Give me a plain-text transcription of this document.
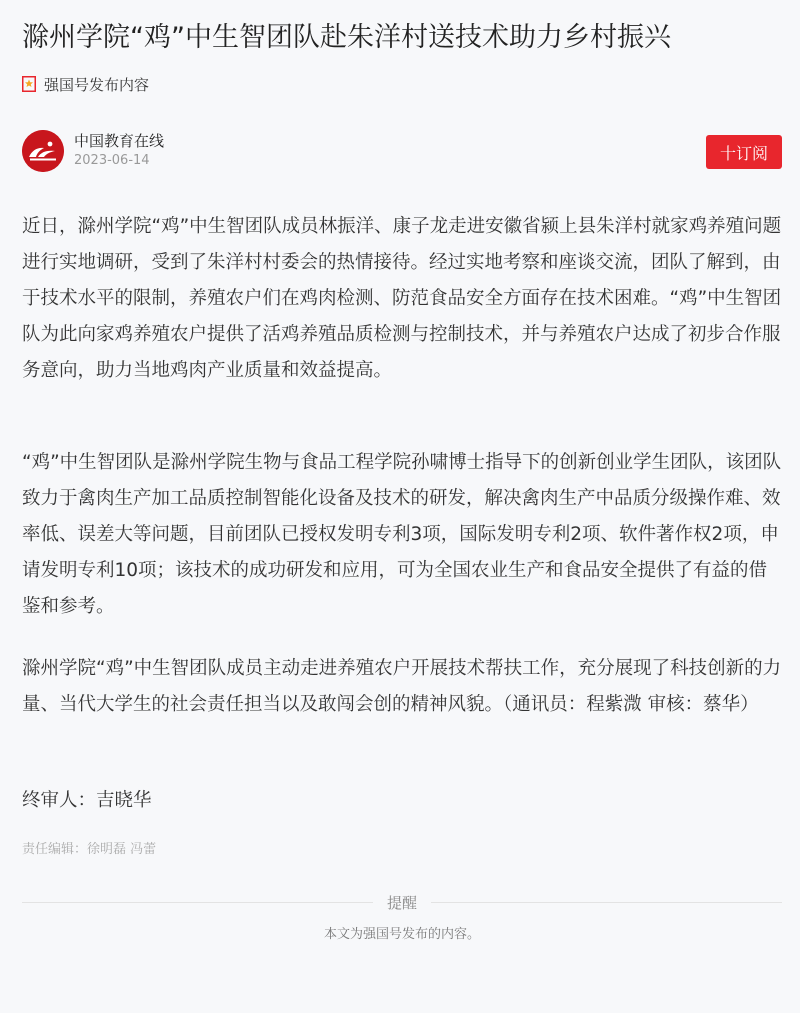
滁州学院“鸡”中生智团队赴朱洋村送技术助力乡村振兴
强国号发布内容
中国教育在线
2023-06-14	十订阅

近日，滁州学院“鸡”中生智团队成员林振洋、康子龙走进安徽省颍上县朱洋村就家鸡养殖问题进行实地调研，受到了朱洋村村委会的热情接待。经过实地考察和座谈交流，团队了解到，由于技术水平的限制，养殖农户们在鸡肉检测、防范食品安全方面存在技术困难。“鸡”中生智团队为此向家鸡养殖农户提供了活鸡养殖品质检测与控制技术，并与养殖农户达成了初步合作服务意向，助力当地鸡肉产业质量和效益提高。

“鸡”中生智团队是滁州学院生物与食品工程学院孙啸博士指导下的创新创业学生团队，该团队致力于禽肉生产加工品质控制智能化设备及技术的研发，解决禽肉生产中品质分级操作难、效率低、误差大等问题，目前团队已授权发明专利3项，国际发明专利2项、软件著作权2项，申请发明专利10项；该技术的成功研发和应用，可为全国农业生产和食品安全提供了有益的借鉴和参考。

滁州学院“鸡”中生智团队成员主动走进养殖农户开展技术帮扶工作，充分展现了科技创新的力量、当代大学生的社会责任担当以及敢闯会创的精神风貌。（通讯员：程紫溦 审核：蔡华）

终审人：吉晓华

责任编辑：徐明磊 冯蕾
提醒
本文为强国号发布的内容。
